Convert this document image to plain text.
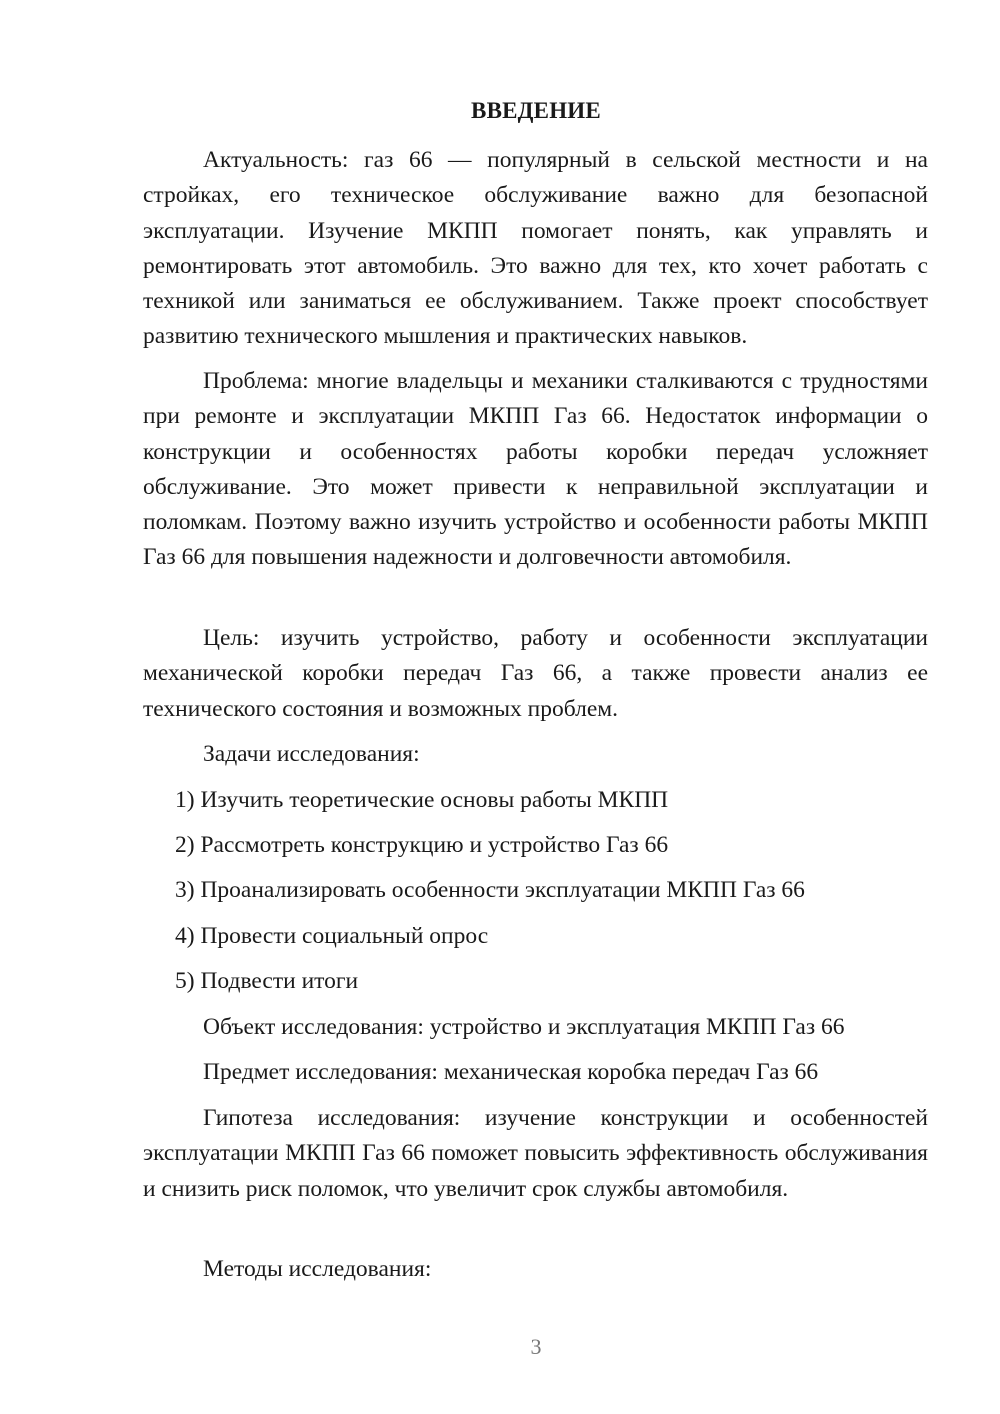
ВВЕДЕНИЕ

Актуальность: газ 66 — популярный в сельской местности и на стройках, его техническое обслуживание важно для безопасной эксплуатации. Изучение МКПП помогает понять, как управлять и ремонтировать этот автомобиль. Это важно для тех, кто хочет работать с техникой или заниматься ее обслуживанием. Также проект способствует развитию технического мышления и практических навыков.

Проблема: многие владельцы и механики сталкиваются с трудностями при ремонте и эксплуатации МКПП Газ 66. Недостаток информации о конструкции и особенностях работы коробки передач усложняет обслуживание. Это может привести к неправильной эксплуатации и поломкам. Поэтому важно изучить устройство и особенности работы МКПП Газ 66 для повышения надежности и долговечности автомобиля.

Цель: изучить устройство, работу и особенности эксплуатации механической коробки передач Газ 66, а также провести анализ ее технического состояния и возможных проблем.

Задачи исследования:

1) Изучить теоретические основы работы МКПП

2) Рассмотреть конструкцию и устройство Газ 66

3) Проанализировать особенности эксплуатации МКПП Газ 66

4) Провести социальный опрос

5) Подвести итоги

Объект исследования: устройство и эксплуатация МКПП Газ 66

Предмет исследования: механическая коробка передач Газ 66

Гипотеза исследования: изучение конструкции и особенностей эксплуатации МКПП Газ 66 поможет повысить эффективность обслуживания и снизить риск поломок, что увеличит срок службы автомобиля.

Методы исследования:

3
